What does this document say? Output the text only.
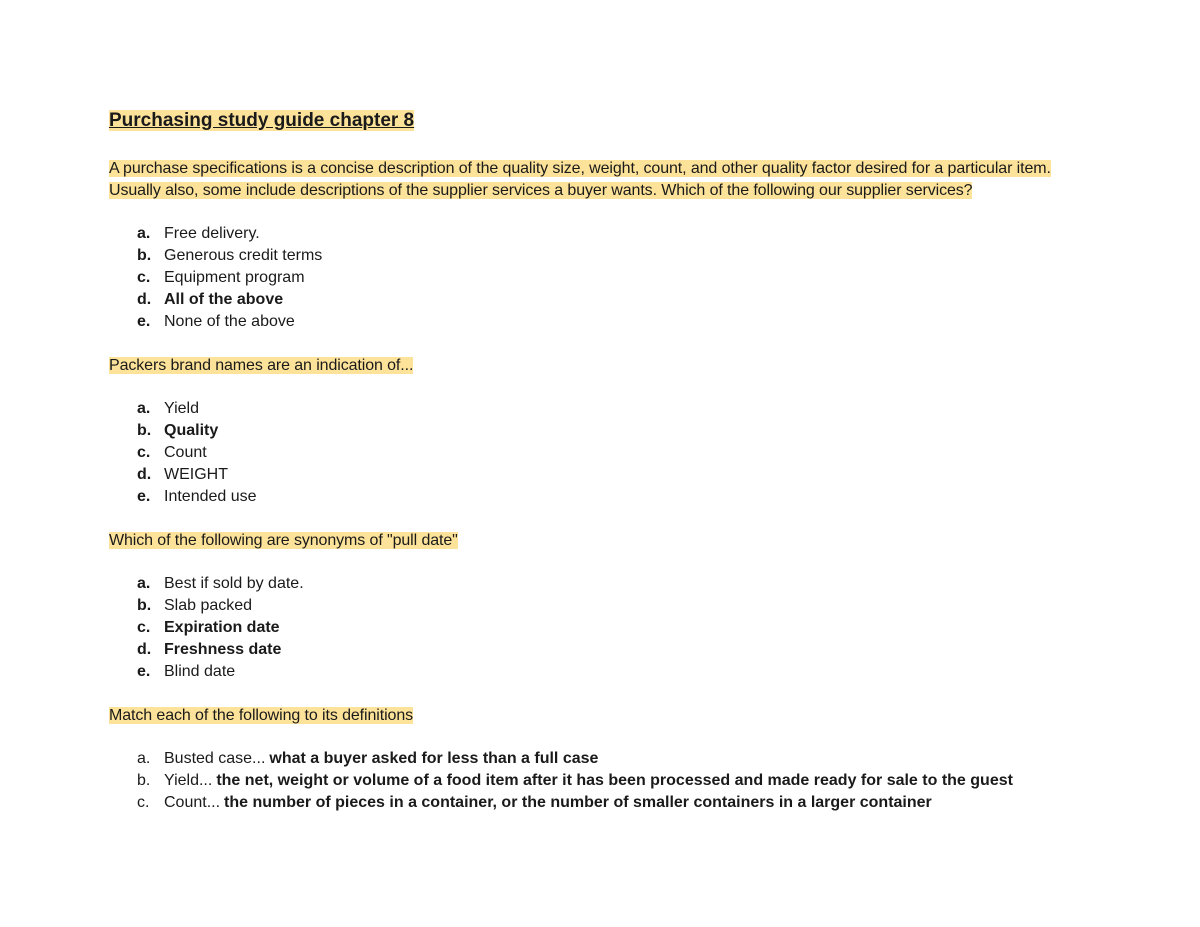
Purchasing study guide chapter 8

A purchase specifications is a concise description of the quality size, weight, count, and other quality factor desired for a particular item. Usually also, some include descriptions of the supplier services a buyer wants. Which of the following our supplier services?

a. Free delivery.
b. Generous credit terms
c. Equipment program
d. All of the above
e. None of the above

Packers brand names are an indication of...

a. Yield
b. Quality
c. Count
d. WEIGHT
e. Intended use

Which of the following are synonyms of "pull date"

a. Best if sold by date.
b. Slab packed
c. Expiration date
d. Freshness date
e. Blind date

Match each of the following to its definitions

a. Busted case... what a buyer asked for less than a full case
b. Yield... the net, weight or volume of a food item after it has been processed and made ready for sale to the guest
c. Count... the number of pieces in a container, or the number of smaller containers in a larger container
